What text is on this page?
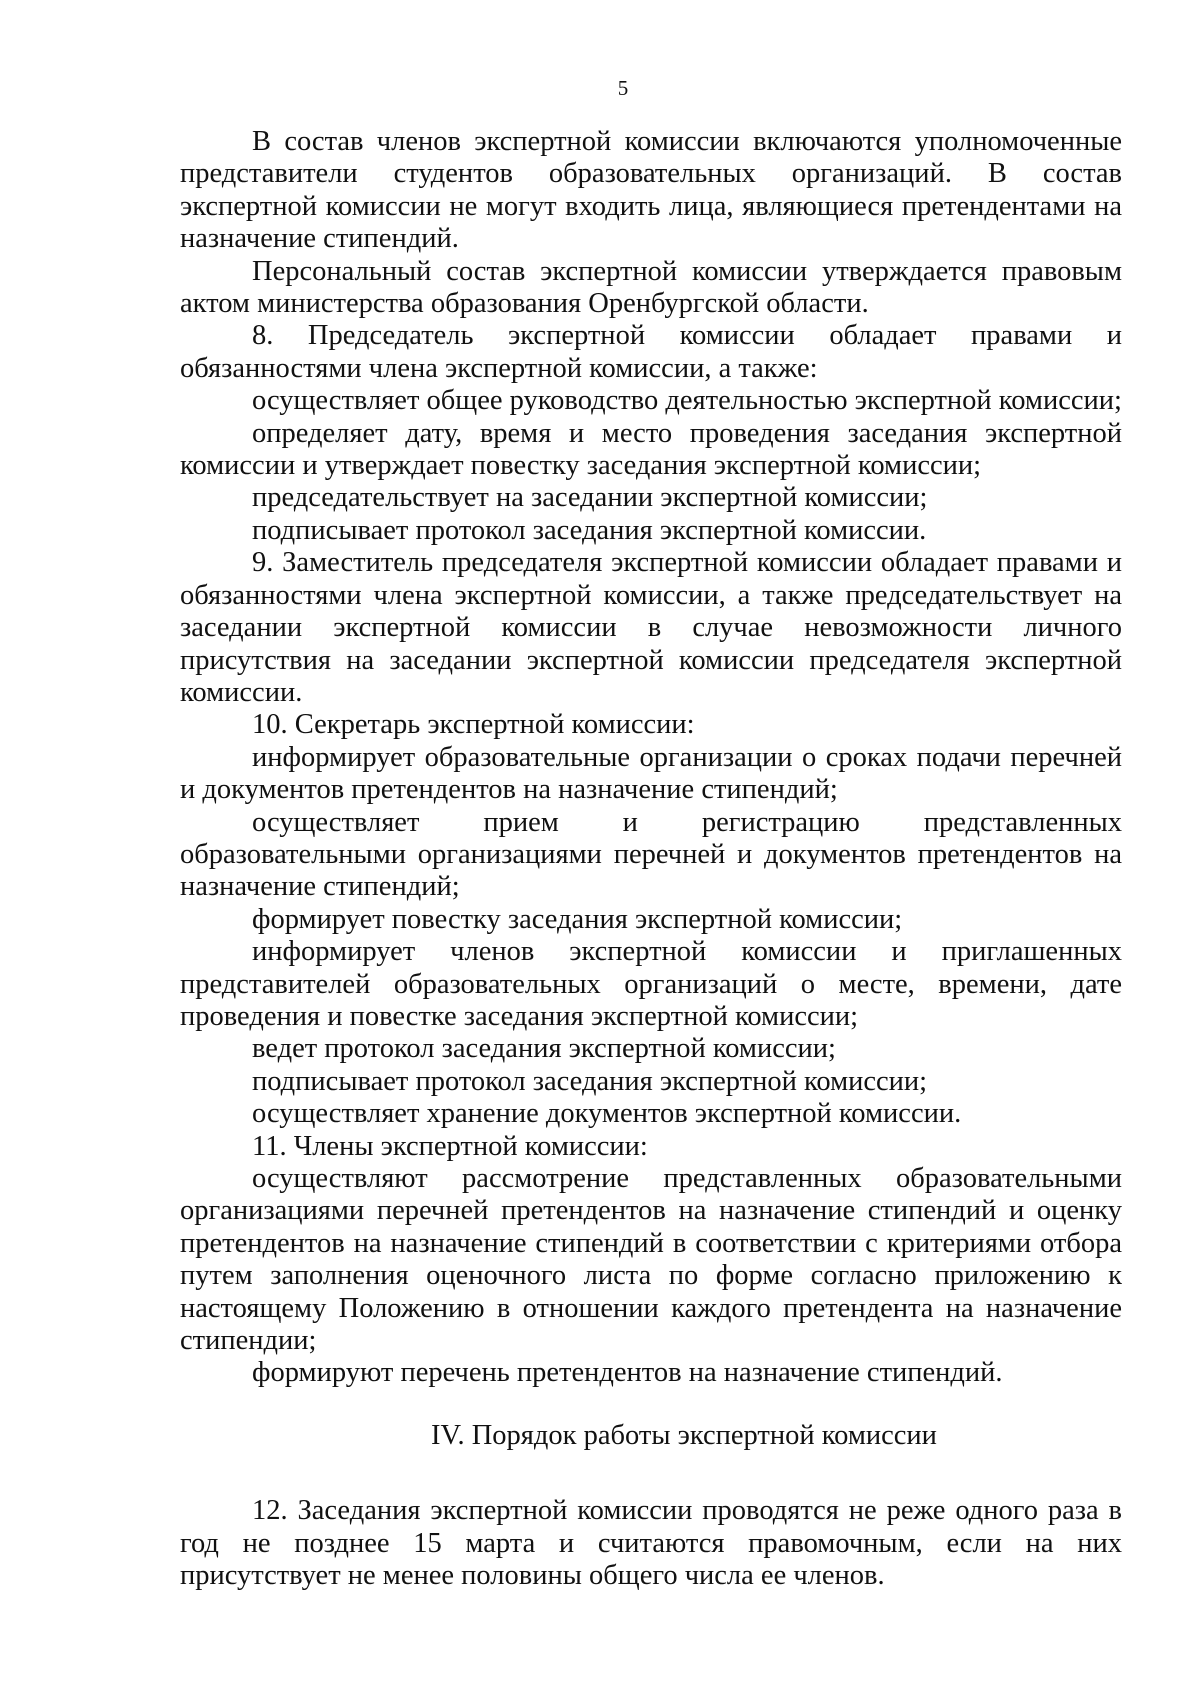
5

В состав членов экспертной комиссии включаются уполномоченные представители студентов образовательных организаций. В состав экспертной комиссии не могут входить лица, являющиеся претендентами на назначение стипендий.

Персональный состав экспертной комиссии утверждается правовым актом министерства образования Оренбургской области.

8. Председатель экспертной комиссии обладает правами и обязанностями члена экспертной комиссии, а также:

осуществляет общее руководство деятельностью экспертной комиссии;

определяет дату, время и место проведения заседания экспертной комиссии и утверждает повестку заседания экспертной комиссии;

председательствует на заседании экспертной комиссии;

подписывает протокол заседания экспертной комиссии.

9. Заместитель председателя экспертной комиссии обладает правами и обязанностями члена экспертной комиссии, а также председательствует на заседании экспертной комиссии в случае невозможности личного присутствия на заседании экспертной комиссии председателя экспертной комиссии.

10. Секретарь экспертной комиссии:

информирует образовательные организации о сроках подачи перечней и документов претендентов на назначение стипендий;

осуществляет прием и регистрацию представленных образовательными организациями перечней и документов претендентов на назначение стипендий;

формирует повестку заседания экспертной комиссии;

информирует членов экспертной комиссии и приглашенных представителей образовательных организаций о месте, времени, дате проведения и повестке заседания экспертной комиссии;

ведет протокол заседания экспертной комиссии;

подписывает протокол заседания экспертной комиссии;

осуществляет хранение документов экспертной комиссии.

11. Члены экспертной комиссии:

осуществляют рассмотрение представленных образовательными организациями перечней претендентов на назначение стипендий и оценку претендентов на назначение стипендий в соответствии с критериями отбора путем заполнения оценочного листа по форме согласно приложению к настоящему Положению в отношении каждого претендента на назначение стипендии;

формируют перечень претендентов на назначение стипендий.

IV. Порядок работы экспертной комиссии

12. Заседания экспертной комиссии проводятся не реже одного раза в год не позднее 15 марта и считаются правомочным, если на них присутствует не менее половины общего числа ее членов.
